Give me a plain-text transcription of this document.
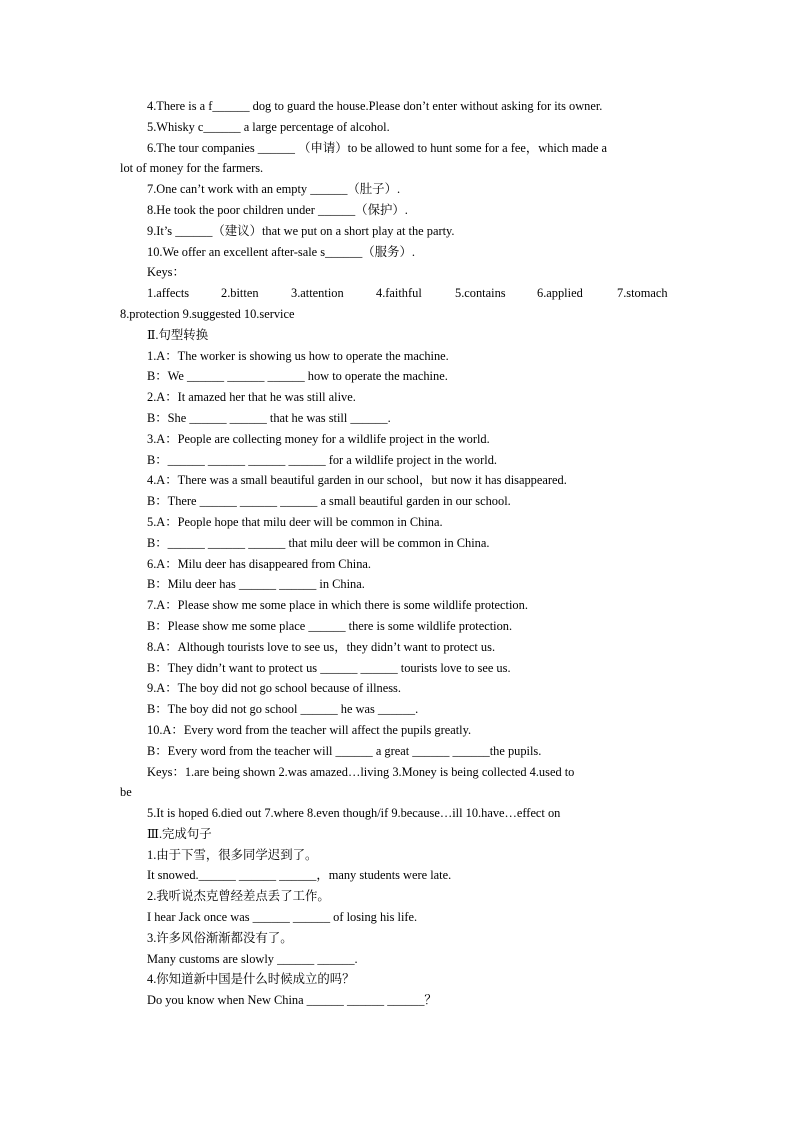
4.There is a f______ dog to guard the house.Please don’t enter without asking for its owner.
5.Whisky c______ a large percentage of alcohol.
6.The tour companies ______ （申请）to be allowed to hunt some for a fee，which made a
lot of money for the farmers.
7.One can’t work with an empty ______（肚子）.
8.He took the poor children under ______（保护）.
9.It’s ______（建议）that we put on a short play at the party.
10.We offer an excellent after-sale s______（服务）.
Keys：
1.affects	2.bitten	3.attention	4.faithful	5.contains	6.applied	7.stomach
8.protection 9.suggested 10.service
Ⅱ.句型转换
1.A：The worker is showing us how to operate the machine.
B：We ______ ______ ______ how to operate the machine.
2.A：It amazed her that he was still alive.
B：She ______ ______ that he was still ______.
3.A：People are collecting money for a wildlife project in the world.
B：______ ______ ______ ______ for a wildlife project in the world.
4.A：There was a small beautiful garden in our school，but now it has disappeared.
B：There ______ ______ ______ a small beautiful garden in our school.
5.A：People hope that milu deer will be common in China.
B：______ ______ ______ that milu deer will be common in China.
6.A：Milu deer has disappeared from China.
B：Milu deer has ______ ______ in China.
7.A：Please show me some place in which there is some wildlife protection.
B：Please show me some place ______ there is some wildlife protection.
8.A：Although tourists love to see us，they didn’t want to protect us.
B：They didn’t want to protect us ______ ______ tourists love to see us.
9.A：The boy did not go school because of illness.
B：The boy did not go school ______ he was ______.
10.A：Every word from the teacher will affect the pupils greatly.
B：Every word from the teacher will ______ a great ______ ______the pupils.
Keys：1.are being shown 2.was amazed…living 3.Money is being collected 4.used to
be
5.It is hoped 6.died out 7.where 8.even though/if 9.because…ill 10.have…effect on
Ⅲ.完成句子
1.由于下雪，很多同学迟到了。
It snowed.______ ______ ______，many students were late.
2.我听说杰克曾经差点丢了工作。
I hear Jack once was ______ ______ of losing his life.
3.许多风俗渐渐都没有了。
Many customs are slowly ______ ______.
4.你知道新中国是什么时候成立的吗？
Do you know when New China ______ ______ ______？
